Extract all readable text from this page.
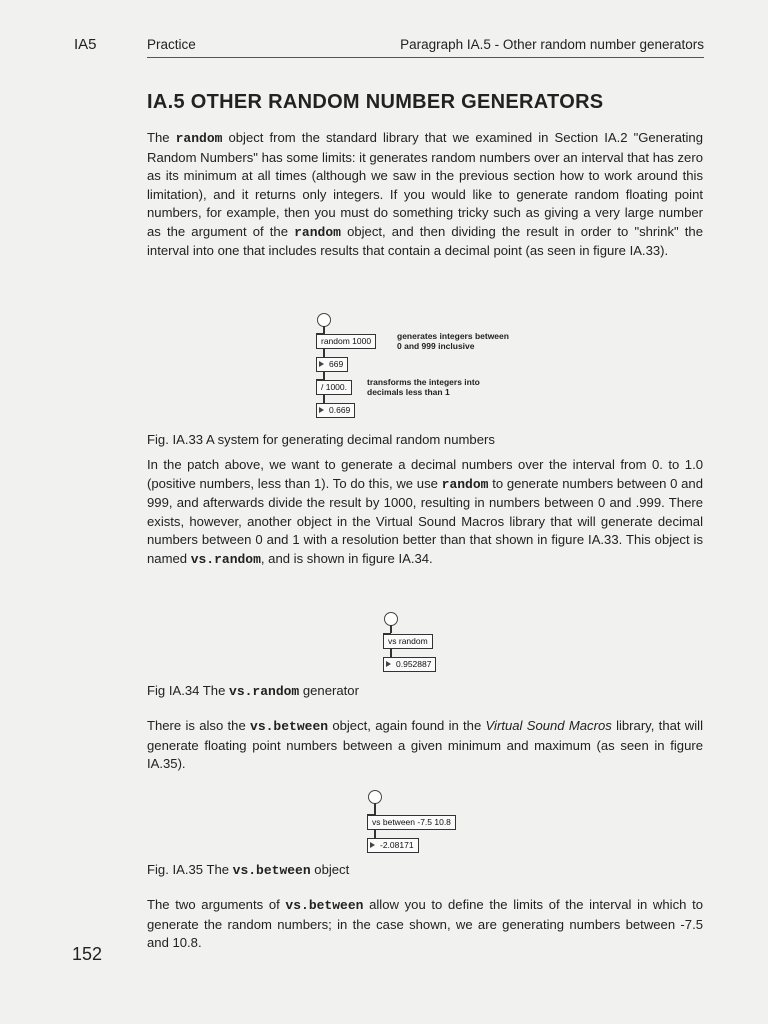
IA5	Practice	Paragraph IA.5 - Other random number generators
IA.5 OTHER RANDOM NUMBER GENERATORS

The random object from the standard library that we examined in Section IA.2 "Generating Random Numbers" has some limits: it generates random numbers over an interval that has zero as its minimum at all times (although we saw in the previous section how to work around this limitation), and it returns only integers. If you would like to generate random floating point numbers, for example, then you must do something tricky such as giving a very large number as the argument of the random object, and then dividing the result in order to "shrink" the interval into one that includes results that contain a decimal point (as seen in figure IA.33).

random 1000	generates integers between
0 and 999 inclusive
669
/ 1000.	transforms the integers into
decimals less than 1
0.669

Fig. IA.33 A system for generating decimal random numbers

In the patch above, we want to generate a decimal numbers over the interval from 0. to 1.0 (positive numbers, less than 1). To do this, we use random to generate numbers between 0 and 999, and afterwards divide the result by 1000, resulting in numbers between 0 and .999. There exists, however, another object in the Virtual Sound Macros library that will generate decimal numbers between 0 and 1 with a resolution better than that shown in figure IA.33. This object is named vs.random, and is shown in figure IA.34.

vs random
0.952887

Fig IA.34 The vs.random generator

There is also the vs.between object, again found in the Virtual Sound Macros library, that will generate floating point numbers between a given minimum and maximum (as seen in figure IA.35).

vs between -7.5 10.8
-2.08171

Fig. IA.35 The vs.between object

The two arguments of vs.between allow you to define the limits of the interval in which to generate the random numbers; in the case shown, we are generating numbers between -7.5 and 10.8.

152
